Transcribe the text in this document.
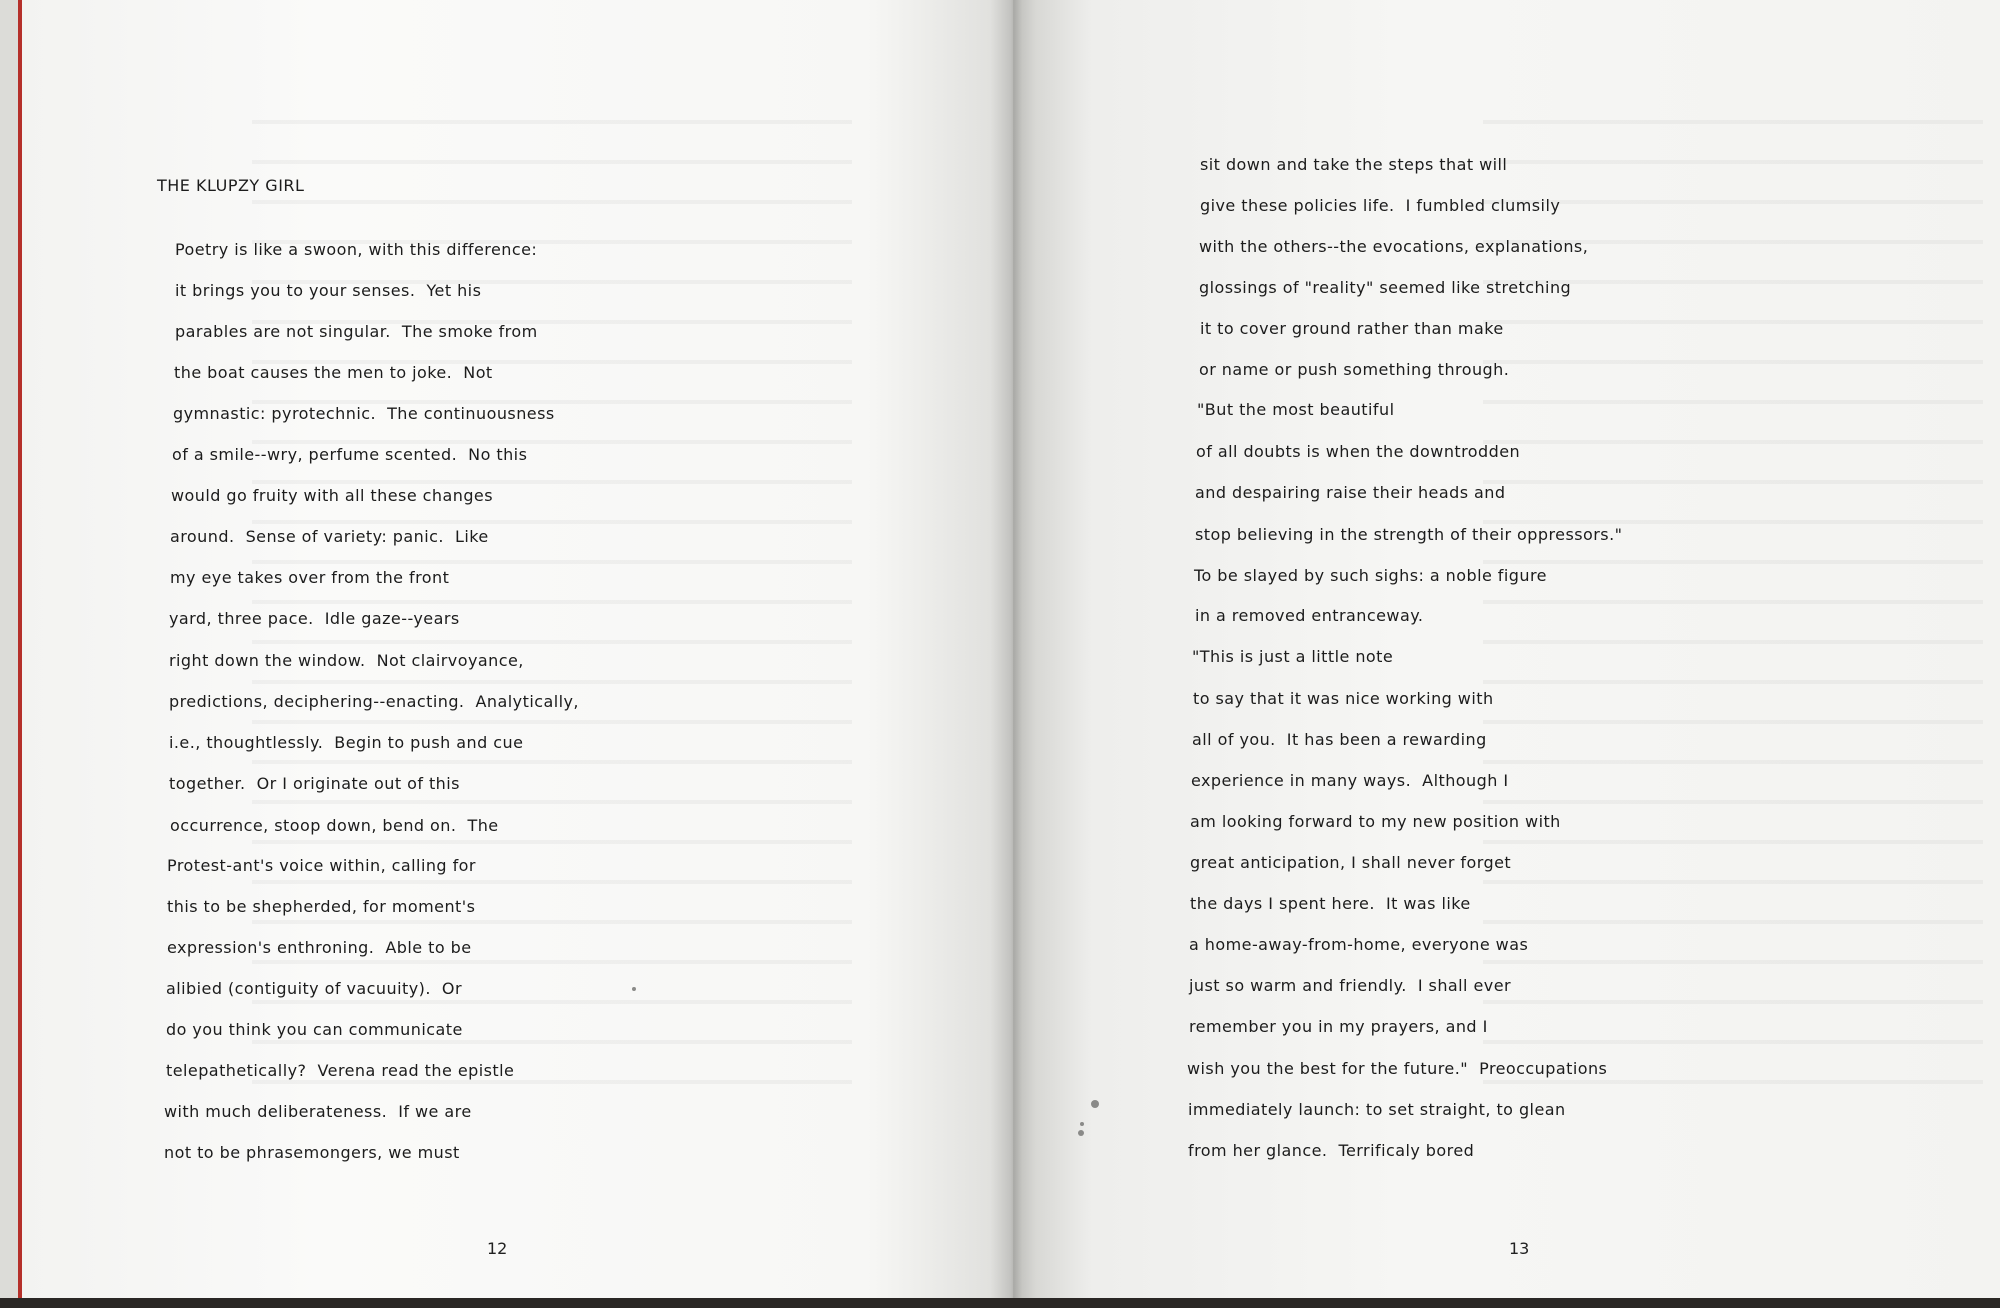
THE KLUPZY GIRL
Poetry is like a swoon, with this difference:
it brings you to your senses.  Yet his
parables are not singular.  The smoke from
the boat causes the men to joke.  Not
gymnastic: pyrotechnic.  The continuousness
of a smile--wry, perfume scented.  No this
would go fruity with all these changes
around.  Sense of variety: panic.  Like
my eye takes over from the front
yard, three pace.  Idle gaze--years
right down the window.  Not clairvoyance,
predictions, deciphering--enacting.  Analytically,
i.e., thoughtlessly.  Begin to push and cue
together.  Or I originate out of this
occurrence, stoop down, bend on.  The
Protest-ant's voice within, calling for
this to be shepherded, for moment's
expression's enthroning.  Able to be
alibied (contiguity of vacuuity).  Or
do you think you can communicate
telepathetically?  Verena read the epistle
with much deliberateness.  If we are
not to be phrasemongers, we must
12
sit down and take the steps that will
give these policies life.  I fumbled clumsily
with the others--the evocations, explanations,
glossings of "reality" seemed like stretching
it to cover ground rather than make
or name or push something through.
"But the most beautiful
of all doubts is when the downtrodden
and despairing raise their heads and
stop believing in the strength of their oppressors."
To be slayed by such sighs: a noble figure
in a removed entranceway.
"This is just a little note
to say that it was nice working with
all of you.  It has been a rewarding
experience in many ways.  Although I
am looking forward to my new position with
great anticipation, I shall never forget
the days I spent here.  It was like
a home-away-from-home, everyone was
just so warm and friendly.  I shall ever
remember you in my prayers, and I
wish you the best for the future."  Preoccupations
immediately launch: to set straight, to glean
from her glance.  Terrificaly bored
13
